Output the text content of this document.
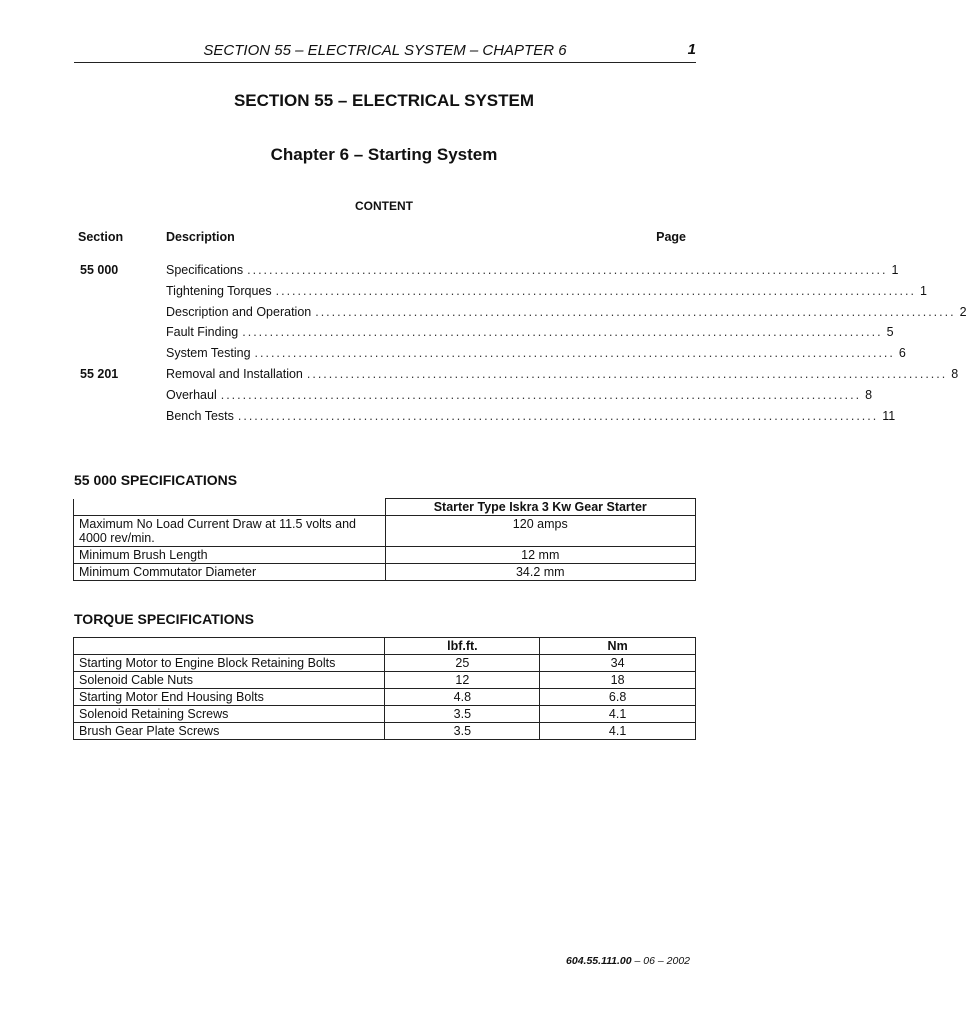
SECTION 55 – ELECTRICAL SYSTEM – CHAPTER 6	1
SECTION 55 – ELECTRICAL SYSTEM
Chapter 6 – Starting System
CONTENT
Section	Description	Page
55 000	Specifications ..................................................................................................................... 1
Tightening Torques ..................................................................................................................... 1
Description and Operation ..................................................................................................................... 2
Fault Finding ..................................................................................................................... 5
System Testing ..................................................................................................................... 6
55 201	Removal and Installation ..................................................................................................................... 8
Overhaul ..................................................................................................................... 8
Bench Tests ..................................................................................................................... 11
55 000 SPECIFICATIONS
	Starter Type Iskra 3 Kw Gear Starter
Maximum No Load Current Draw at 11.5 volts and 4000 rev/min.	120 amps
Minimum Brush Length	12 mm
Minimum Commutator Diameter	34.2 mm
TORQUE SPECIFICATIONS
	lbf.ft.	Nm
Starting Motor to Engine Block Retaining Bolts	25	34
Solenoid Cable Nuts	12	18
Starting Motor End Housing Bolts	4.8	6.8
Solenoid Retaining Screws	3.5	4.1
Brush Gear Plate Screws	3.5	4.1
604.55.111.00 – 06 – 2002
